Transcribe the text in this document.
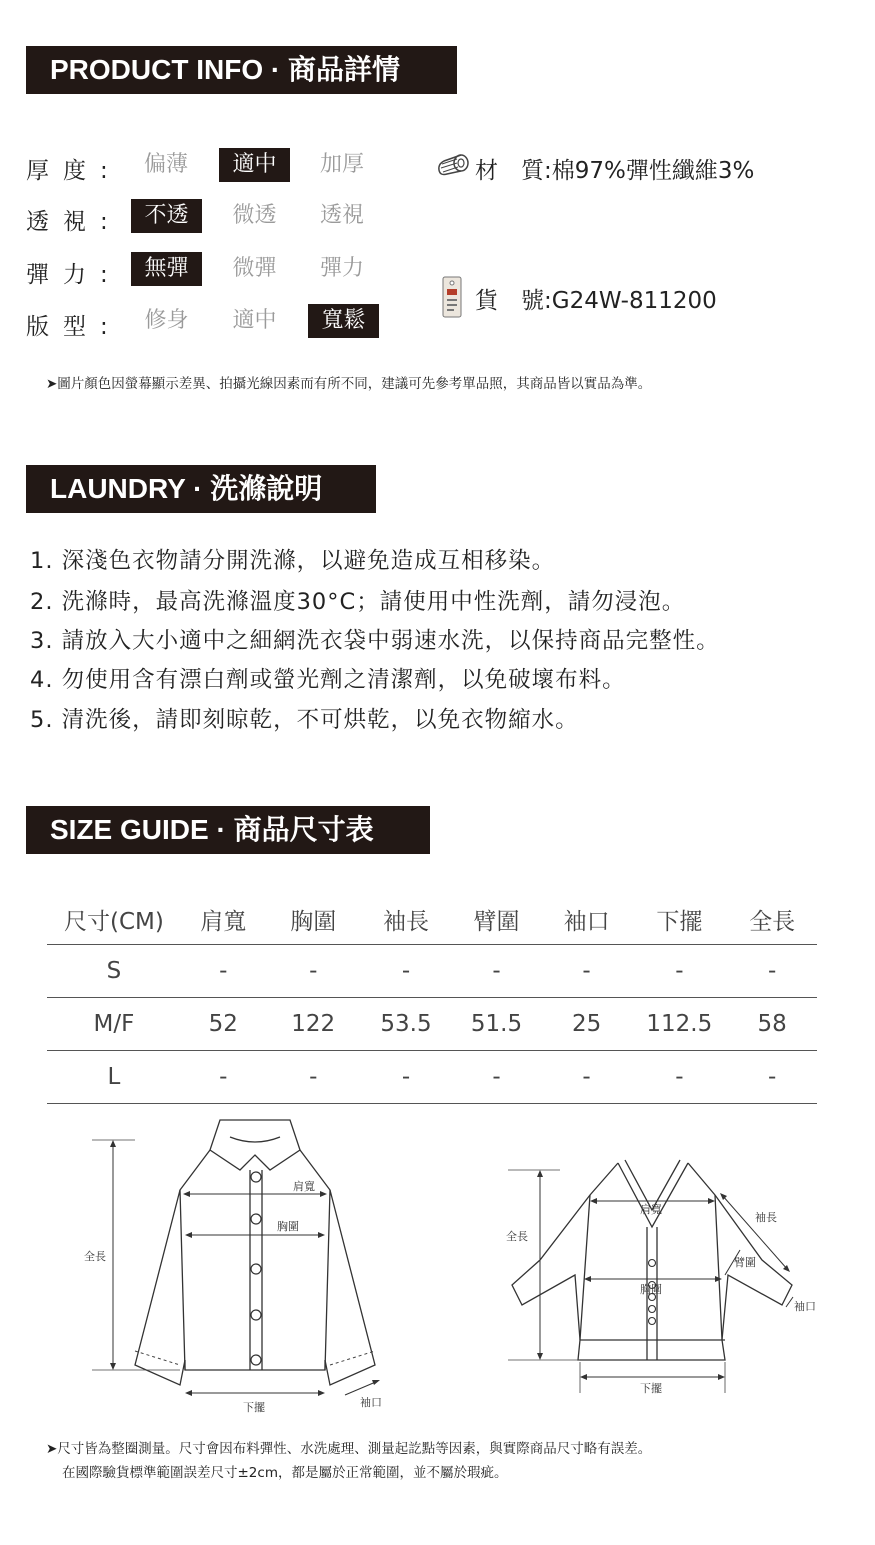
PRODUCT INFO · 商品詳情
厚度:	偏薄	適中	加厚
透視:	不透	微透	透視
彈力:	無彈	微彈	彈力
版型:	修身	適中	寬鬆
材　質:棉97%彈性纖維3%
貨　號:G24W-811200
➤圖片顏色因螢幕顯示差異、拍攝光線因素而有所不同，建議可先參考單品照，其商品皆以實品為準。
LAUNDRY · 洗滌說明
1. 深淺色衣物請分開洗滌，以避免造成互相移染。
2. 洗滌時，最高洗滌溫度30°C；請使用中性洗劑，請勿浸泡。
3. 請放入大小適中之細網洗衣袋中弱速水洗，以保持商品完整性。
4. 勿使用含有漂白劑或螢光劑之清潔劑，以免破壞布料。
5. 清洗後，請即刻晾乾，不可烘乾，以免衣物縮水。
SIZE GUIDE · 商品尺寸表
尺寸(CM)	肩寬	胸圍	袖長	臂圍	袖口	下擺	全長
S	-	-	-	-	-	-	-
M/F	52	122	53.5	51.5	25	112.5	58
L	-	-	-	-	-	-	-
全長
肩寬
胸圍
下擺	袖口
全長
肩寬
袖長
臂圍
胸圍
袖口
下擺
➤尺寸皆為整圈測量。尺寸會因布料彈性、水洗處理、測量起訖點等因素，與實際商品尺寸略有誤差。
在國際驗貨標準範圍誤差尺寸±2cm，都是屬於正常範圍，並不屬於瑕疵。
